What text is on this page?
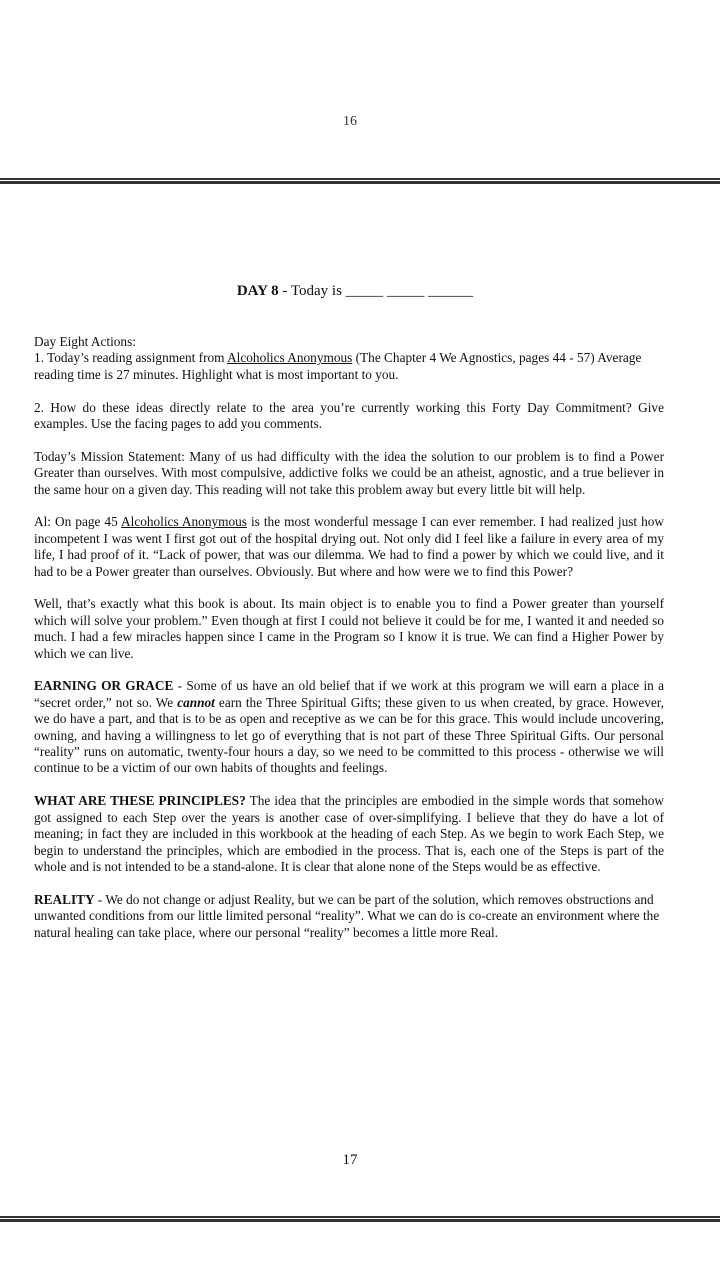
16
DAY 8 - Today is _____ _____ ______

Day Eight Actions:
1. Today’s reading assignment from Alcoholics Anonymous (The Chapter 4 We Agnostics, pages 44 - 57) Average reading time is 27 minutes. Highlight what is most important to you.

2. How do these ideas directly relate to the area you’re currently working this Forty Day Commitment? Give examples. Use the facing pages to add you comments.

Today’s Mission Statement: Many of us had difficulty with the idea the solution to our problem is to find a Power Greater than ourselves. With most compulsive, addictive folks we could be an atheist, agnostic, and a true believer in the same hour on a given day. This reading will not take this problem away but every little bit will help.

Al: On page 45 Alcoholics Anonymous is the most wonderful message I can ever remember. I had realized just how incompetent I was went I first got out of the hospital drying out. Not only did I feel like a failure in every area of my life, I had proof of it. “Lack of power, that was our dilemma. We had to find a power by which we could live, and it had to be a Power greater than ourselves. Obviously. But where and how were we to find this Power?

Well, that’s exactly what this book is about. Its main object is to enable you to find a Power greater than yourself which will solve your problem.” Even though at first I could not believe it could be for me, I wanted it and needed so much. I had a few miracles happen since I came in the Program so I know it is true. We can find a Higher Power by which we can live.

EARNING OR GRACE - Some of us have an old belief that if we work at this program we will earn a place in a “secret order,” not so. We cannot earn the Three Spiritual Gifts; these given to us when created, by grace. However, we do have a part, and that is to be as open and receptive as we can be for this grace. This would include uncovering, owning, and having a willingness to let go of everything that is not part of these Three Spiritual Gifts. Our personal “reality” runs on automatic, twenty-four hours a day, so we need to be committed to this process - otherwise we will continue to be a victim of our own habits of thoughts and feelings.

WHAT ARE THESE PRINCIPLES? The idea that the principles are embodied in the simple words that somehow got assigned to each Step over the years is another case of over-simplifying. I believe that they do have a lot of meaning; in fact they are included in this workbook at the heading of each Step. As we begin to work Each Step, we begin to understand the principles, which are embodied in the process. That is, each one of the Steps is part of the whole and is not intended to be a stand-alone. It is clear that alone none of the Steps would be as effective.

REALITY - We do not change or adjust Reality, but we can be part of the solution, which removes obstructions and unwanted conditions from our little limited personal “reality”. What we can do is co-create an environment where the natural healing can take place, where our personal “reality” becomes a little more Real.

17
